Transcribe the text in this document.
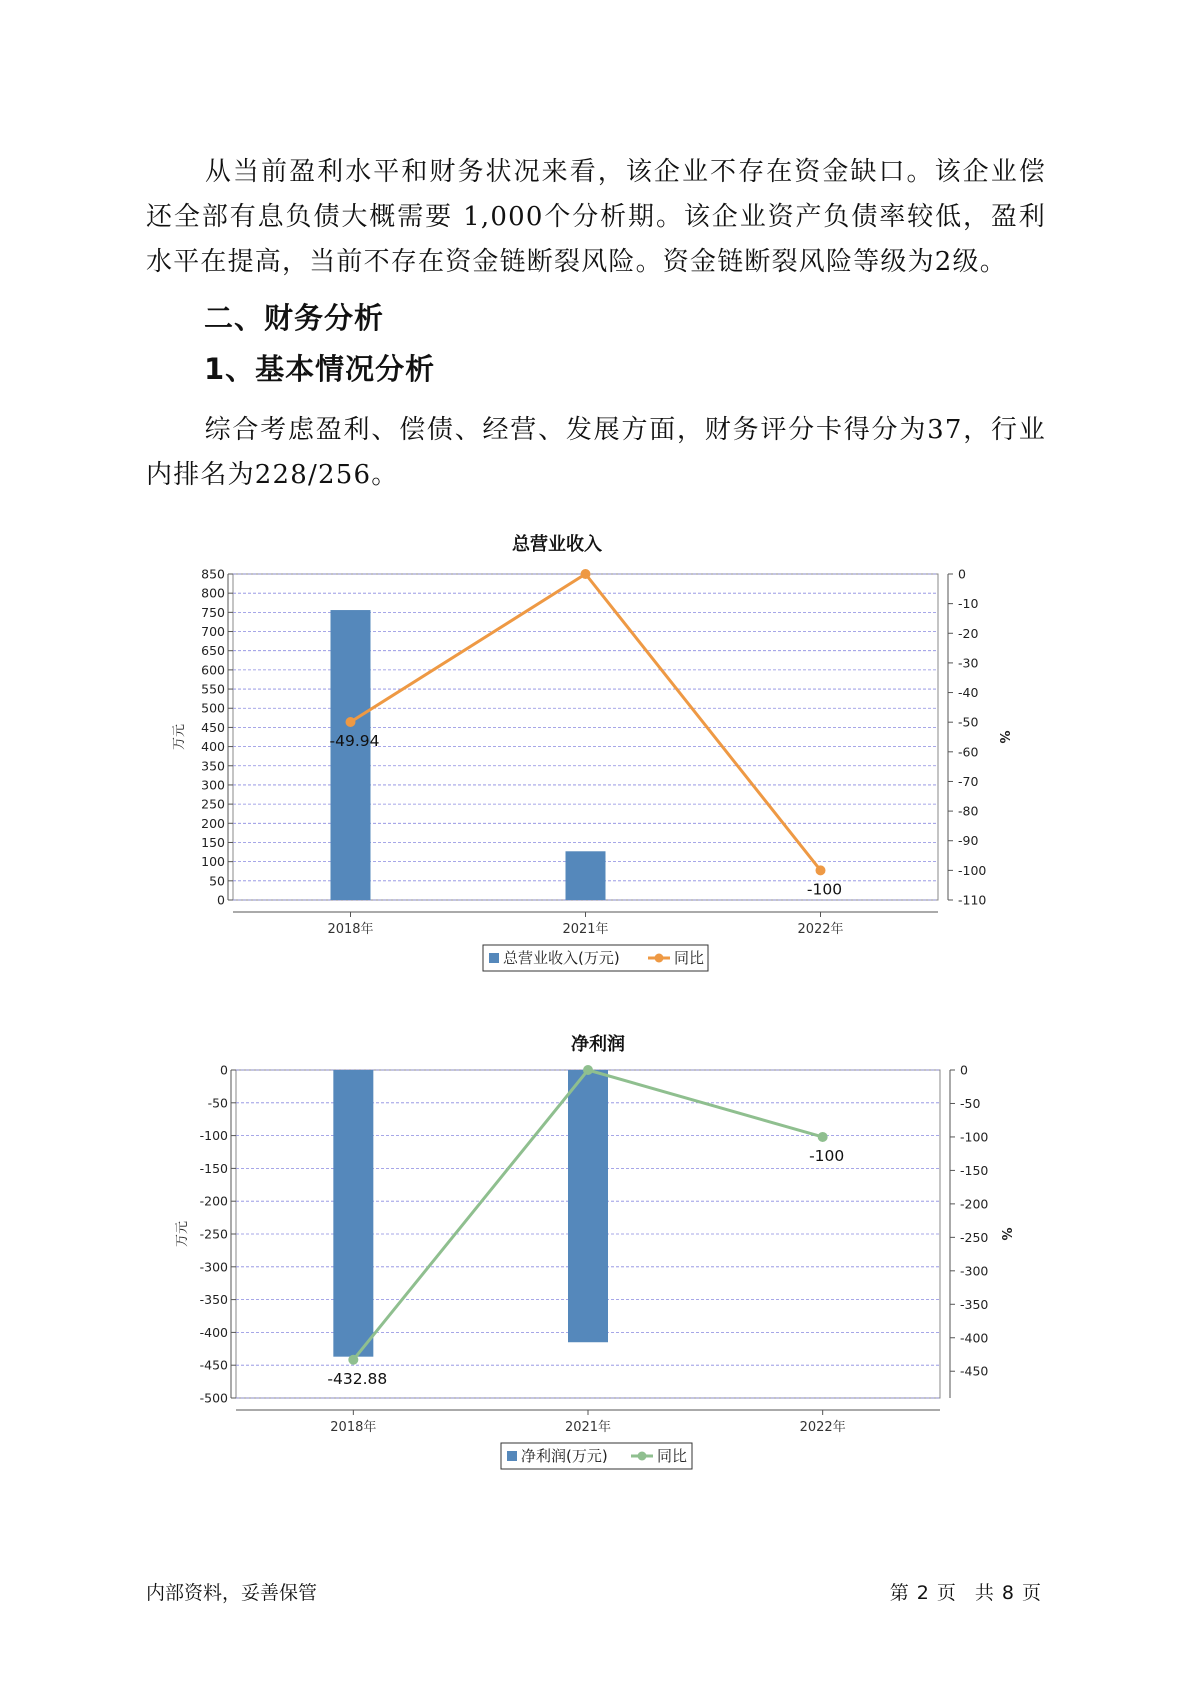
从当前盈利水平和财务状况来看，该企业不存在资金缺口。该企业偿还全部有息负债大概需要 1,000个分析期。该企业资产负债率较低，盈利水平在提高，当前不存在资金链断裂风险。资金链断裂风险等级为2级。

二、财务分析
1、基本情况分析

综合考虑盈利、偿债、经营、发展方面，财务评分卡得分为37，行业内排名为228/256。

总营业收入
0
50
100
150
200
250
300
350
400
450
500
550
600
650
700
750
800
850	0
-10
-20
-30
-40
-50
-60
-70
-80
-90
-100
-110
万元	%
2018年	2021年	2022年
-49.94
-100
总营业收入(万元)	同比
净利润
0
-50
-100
-150
-200
-250
-300
-350
-400
-450
-500
0
-50
-100
-150
-200
-250
-300
-350
-400
-450
万元	%
2018年	2021年	2022年
-432.88
-100
净利润(万元)	同比
内部资料，妥善保管	第 2 页　共 8 页
